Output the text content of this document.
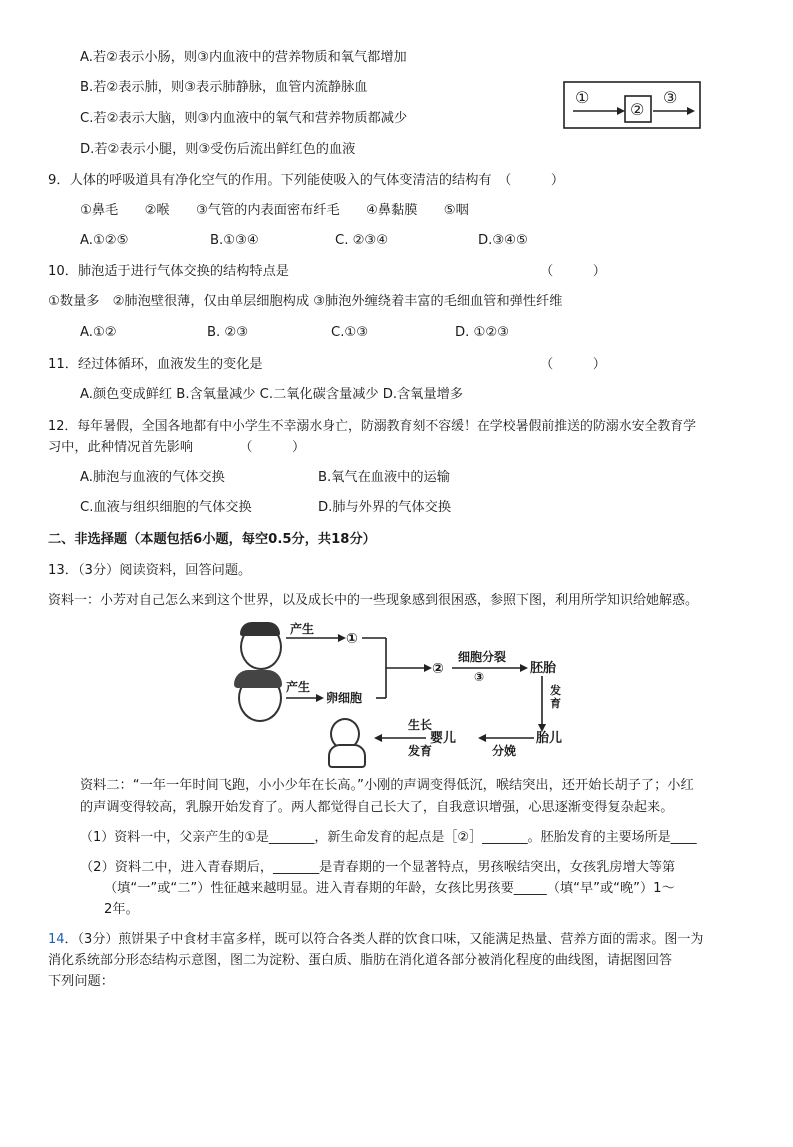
A.若②表示小肠，则③内血液中的营养物质和氧气都增加
B.若②表示肺，则③表示肺静脉，血管内流静脉血
C.若②表示大脑，则③内血液中的氧气和营养物质都减少
D.若②表示小腿，则③受伤后流出鲜红色的血液
①
②
③
9．人体的呼吸道具有净化空气的作用。下列能使吸入的气体变清洁的结构有　（　　　）
①鼻毛　　②喉　　③气管的内表面密布纤毛　　④鼻黏膜　　⑤咽
A.①②⑤	B.①③④	C. ②③④	D.③④⑤
10．肺泡适于进行气体交换的结构特点是	（　　　）
①数量多　②肺泡壁很薄，仅由单层细胞构成 ③肺泡外缠绕着丰富的毛细血管和弹性纤维
A.①②	B. ②③	C.①③	D. ①②③
11．经过体循环，血液发生的变化是	（　　　）
A.颜色变成鲜红 B.含氧量减少 C.二氧化碳含量减少 D.含氧量增多
12．每年暑假，全国各地都有中小学生不幸溺水身亡，防溺教育刻不容缓！在学校暑假前推送的防溺水安全教育学
习中，此种情况首先影响　　　　（　　　）
A.肺泡与血液的气体交换	B.氧气在血液中的运输
C.血液与组织细胞的气体交换	D.肺与外界的气体交换
二、非选择题（本题包括6小题，每空0.5分，共18分）
13．（3分）阅读资料，回答问题。
资料一：小芳对自己怎么来到这个世界，以及成长中的一些现象感到很困惑，参照下图，利用所学知识给她解惑。
产生
①
产生
卵细胞
②
细胞分裂
③
胚胎
发育
胎儿
分娩
婴儿
生长
发育
资料二：“一年一年时间飞跑，小小少年在长高。”小刚的声调变得低沉，喉结突出，还开始长胡子了；小红
的声调变得较高，乳腺开始发育了。两人都觉得自己长大了，自我意识增强，心思逐渐变得复杂起来。
（1）资料一中，父亲产生的①是_______，新生命发育的起点是［②］_______。胚胎发育的主要场所是____
（2）资料二中，进入青春期后，_______是青春期的一个显著特点，男孩喉结突出，女孩乳房增大等第
（填“一”或“二”）性征越来越明显。进入青春期的年龄，女孩比男孩要_____（填“早”或“晚”）1～
2年。
14．（3分）煎饼果子中食材丰富多样，既可以符合各类人群的饮食口味，又能满足热量、营养方面的需求。图一为
消化系统部分形态结构示意图，图二为淀粉、蛋白质、脂肪在消化道各部分被消化程度的曲线图，请据图回答
下列问题：
